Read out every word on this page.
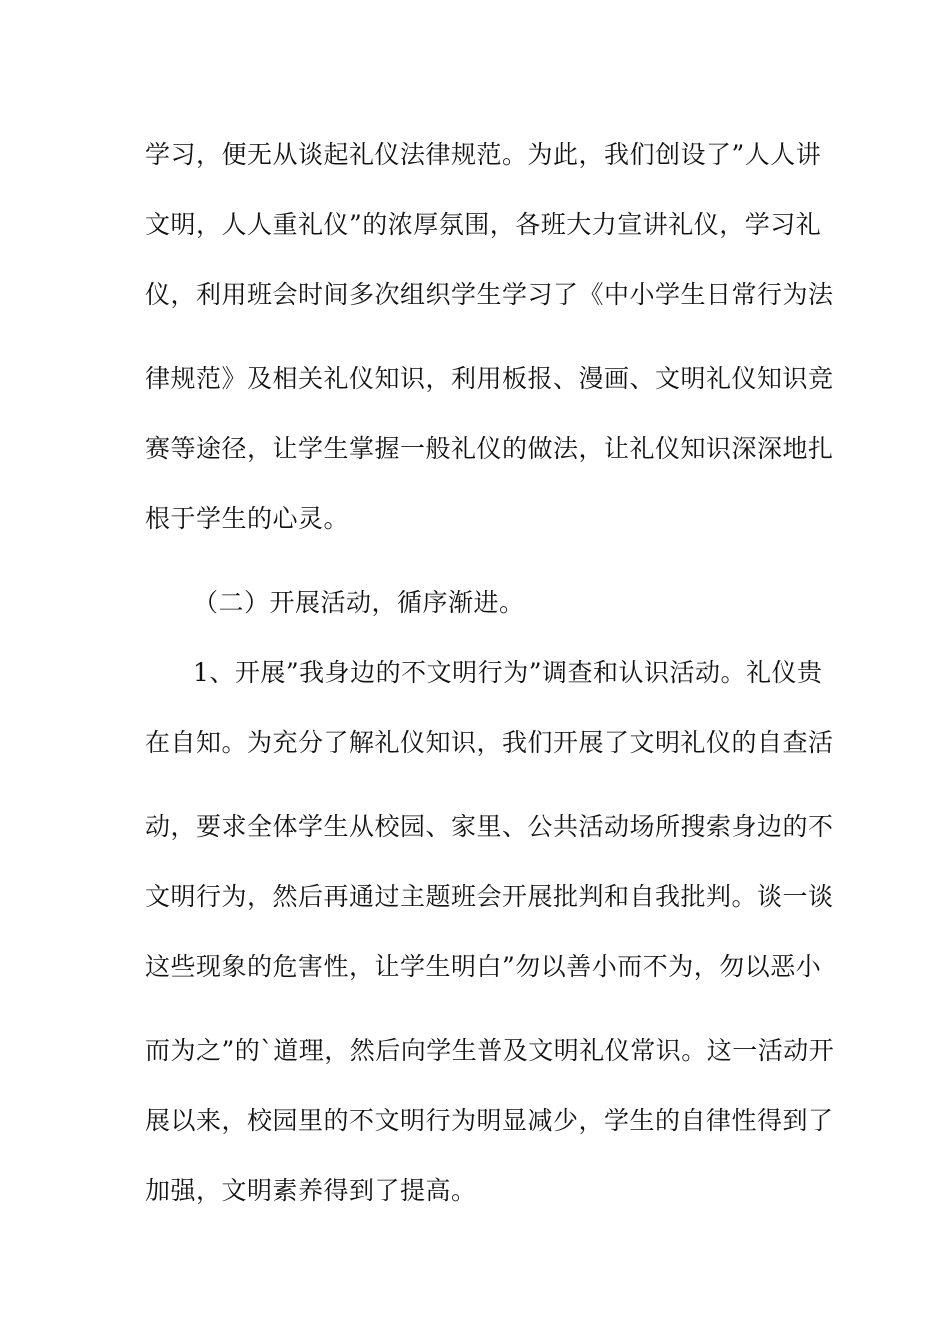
学习，便无从谈起礼仪法律规范。为此，我们创设了”人人讲
文明，人人重礼仪”的浓厚氛围，各班大力宣讲礼仪，学习礼
仪，利用班会时间多次组织学生学习了《中小学生日常行为法
律规范》及相关礼仪知识，利用板报、漫画、文明礼仪知识竞
赛等途径，让学生掌握一般礼仪的做法，让礼仪知识深深地扎
根于学生的心灵。
（二）开展活动，循序渐进。
1、开展”我身边的不文明行为”调查和认识活动。礼仪贵
在自知。为充分了解礼仪知识，我们开展了文明礼仪的自查活
动，要求全体学生从校园、家里、公共活动场所搜索身边的不
文明行为，然后再通过主题班会开展批判和自我批判。谈一谈
这些现象的危害性，让学生明白”勿以善小而不为，勿以恶小
而为之”的`道理，然后向学生普及文明礼仪常识。这一活动开
展以来，校园里的不文明行为明显减少，学生的自律性得到了
加强，文明素养得到了提高。
